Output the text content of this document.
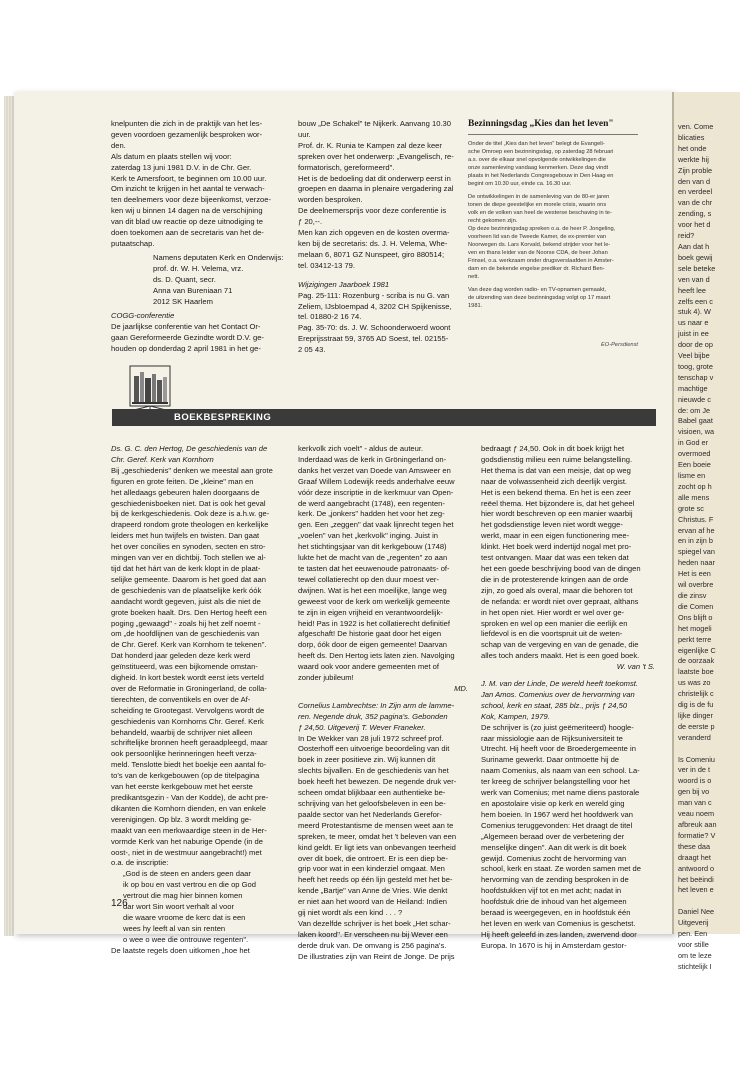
knelpunten die zich in de praktijk van het les-
geven voordoen gezamenlijk besproken wor-
den.
Als datum en plaats stellen wij voor:
zaterdag 13 juni 1981 D.V. in de Chr. Ger.
Kerk te Amersfoort, te beginnen om 10.00 uur.
Om inzicht te krijgen in het aantal te verwach-
ten deelnemers voor deze bijeenkomst, verzoe-
ken wij u binnen 14 dagen na de verschijning
van dit blad uw reactie op deze uitnodiging te
doen toekomen aan de secretaris van het de-
putaatschap.
Namens deputaten Kerk en Onderwijs:
prof. dr. W. H. Velema, vrz.
ds. D. Quant, secr.
Anna van Bureniaan 71
2012 SK Haarlem
COGG-conferentie
De jaarlijkse conferentie van het Contact Or-
gaan Gereformeerde Gezindte wordt D.V. ge-
houden op donderdag 2 april 1981 in het ge-
bouw „De Schakel" te Nijkerk. Aanvang 10.30
uur.
Prof. dr. K. Runia te Kampen zal deze keer
spreken over het onderwerp: „Evangelisch, re-
formatorisch, gereformeerd".
Het is de bedoeling dat dit onderwerp eerst in
groepen en daarna in plenaire vergadering zal
worden besproken.
De deelnemersprijs voor deze conferentie is
ƒ 20,--.
Men kan zich opgeven en de kosten overma-
ken bij de secretaris: ds. J. H. Velema, Whe-
melaan 6, 8071 GZ Nunspeet, giro 880514;
tel. 03412-13 79.
Wijzigingen Jaarboek 1981
Pag. 25-111: Rozenburg - scriba is nu G. van
Zeliem, IJsbIoempad 4, 3202 CH Spijkenisse,
tel. 01880-2 16 74.
Pag. 35-70: ds. J. W. Schoonderwoerd woont
Ereprijsstraat 59, 3765 AD Soest, tel. 02155-
2 05 43.
Bezinningsdag „Kies dan het leven"
Onder de titel „Kies dan het leven" belegt de Evangeli-
sche Omroep een bezinningsdag, op zaterdag 28 februari
a.s. over de elkaar snel opvolgende ontwikkelingen die
onze samenleving vandaag kenmerken. Deze dag vindt
plaats in het Nederlands Congresgebouw in Den Haag en
begint om 10.30 uur, einde ca. 16.30 uur.
De ontwikkelingen in de samenleving van de 80-er jaren
tonen de diepe geestelijke en morele crisis, waarin ons
volk en de volken van heel de westerse beschaving in te-
recht gekomen zijn.
Op deze bezinningsdag spreken o.a. de heer P. Jongeling,
voorheen lid van de Tweede Kamer, de ex-premier van
Noorwegen ds. Lars Korvald, bekend strijder voor het le-
ven en thans leider van de Noorse CDA, de heer Johan
Frinsel, o.a. werkzaam onder drugsverslaafden in Amster-
dam en de bekende engelse prediker dr. Richard Ben-
nett.
Van deze dag worden radio- en TV-opnamen gemaakt,
de uitzending van deze bezinningsdag volgt op 17 maart
1981.
EO-Persdienst
BOEKBESPREKING
Ds. G. C. den Hertog, De geschiedenis van de
Chr. Geref. Kerk van Kornhorn
Bij „geschiedenis" denken we meestal aan grote
figuren en grote feiten. De „kleine" man en
het alledaags gebeuren halen doorgaans de
geschiedenisboeken niet. Dat is ook het geval
bij de kerkgeschiedenis. Ook deze is a.h.w. ge-
drapeerd rondom grote theologen en kerkelijke
leiders met hun twijfels en twisten. Dan gaat
het over concilies en synoden, secten en stro-
mingen van ver en dichtbij. Toch stellen we al-
tijd dat het hárt van de kerk klopt in de plaat-
selijke gemeente. Daarom is het goed dat aan
de geschiedenis van de plaatselijke kerk óók
aandacht wordt gegeven, juist als die niet de
grote boeken haalt. Drs. Den Hertog heeft een
poging „gewaagd" - zoals hij het zelf noemt -
om „de hoofdlijnen van de geschiedenis van
de Chr. Geref. Kerk van Kornhorn te tekenen".
Dat honderd jaar geleden deze kerk werd
geïnstitueerd, was een bijkomende omstan-
digheid. In kort bestek wordt eerst iets verteld
over de Reformatie in Groningerland, de colla-
tierechten, de conventikels en over de Af-
scheiding te Grootegast. Vervolgens wordt de
geschiedenis van Kornhorns Chr. Geref. Kerk
behandeld, waarbij de schrijver niet alleen
schriftelijke bronnen heeft geraadpleegd, maar
ook persoonlijke herinneringen heeft verza-
meld. Tenslotte biedt het boekje een aantal fo-
to's van de kerkgebouwen (op de titelpagina
van het eerste kerkgebouw met het eerste
predikantsgezin - Van der Kodde), de acht pre-
dikanten die Kornhorn dienden, en van enkele
verenigingen. Op blz. 3 wordt melding ge-
maakt van een merkwaardige steen in de Her-
vormde Kerk van het naburige Opende (in de
oost-, niet in de westmuur aangebracht!) met
o.a. de inscriptie:
„God is de steen en anders geen daar
ik op bou en vast vertrou en die op God
vertrout die mag hier binnen komen
dar wort Sin woort verhalt al voor
die waare vroome de kerc dat is een
wees hy leeft al van sin renten
o wee o wee die ontrouwe regenten".
De laatste regels doen uitkomen „hoe het
kerkvolk zich voelt" - aldus de auteur.
Inderdaad was de kerk in Gröningerland on-
danks het verzet van Doede van Amsweer en
Graaf Willem Lodewijk reeds anderhalve eeuw
vóór deze inscriptie in de kerkmuur van Open-
de werd aangebracht (1748), een regenten-
kerk. De „jonkers" hadden het voor het zeg-
gen. Een „zeggen" dat vaak lijnrecht tegen het
„voelen" van het „kerkvolk" inging. Juist in
het stichtingsjaar van dit kerkgebouw (1748)
lukte het de macht van de „regenten" zo aan
te tasten dat het eeuwenoude patronaats- of-
tewel collatierecht op den duur moest ver-
dwijnen. Wat is het een moeilijke, lange weg
geweest voor de kerk om werkelijk gemeente
te zijn in eigen vrijheid en verantwoordelijk-
heid! Pas in 1922 is het collatierecht definitief
afgeschaft! De historie gaat door het eigen
dorp, óók door de eigen gemeente! Daarvan
heeft ds. Den Hertog iets laten zien. Navolging
waard ook voor andere gemeenten met of
zonder jubileum!
MD.
Cornelius Lambrechtse: In Zijn arm de lamme-
ren. Negende druk, 352 pagina's. Gebonden
ƒ 24,50. Uitgeverij T. Wever Franeker.
In De Wekker van 28 juli 1972 schreef prof.
Oosterhoff een uitvoerige beoordeling van dit
boek in zeer positieve zin. Wij kunnen dit
slechts bijvallen. En de geschiedenis van het
boek heeft het bewezen. De negende druk ver-
scheen omdat blijkbaar een authentieke be-
schrijving van het geloofsbeleven in een be-
paalde sector van het Nederlands Gerefor-
meerd Protestantisme de mensen weet aan te
spreken, te meer, omdat het 't beleven van een
kind geldt. Er ligt iets van onbevangen teerheid
over dit boek, die ontroert. Er is een diep be-
grip voor wat in een kinderziel omgaat. Men
heeft het reeds op één lijn gesteld met het be-
kende „Bartje" van Anne de Vries. Wie denkt
er niet aan het woord van de Heiland: Indien
gij niet wordt als een kind . . . ?
Van dezelfde schrijver is het boek „Het schar-
laken koord". Er verscheen nu bij Wever een
derde druk van. De omvang is 256 pagina's.
De illustraties zijn van Reint de Jonge. De prijs
bedraagt ƒ 24,50. Ook in dit boek krijgt het
godsdienstig milieu een ruime belangstelling.
Het thema is dat van een meisje, dat op weg
naar de volwassenheid zich deerlijk vergist.
Het is een bekend thema. En het is een zeer
reëel thema. Het bijzondere is, dat het geheel
hier wordt beschreven op een manier waarbij
het godsdienstige leven niet wordt wegge-
werkt, maar in een eigen functionering mee-
klinkt. Het boek werd indertijd nogal met pro-
test ontvangen. Maar dat was een teken dat
het een goede beschrijving bood van de dingen
die in de protesterende kringen aan de orde
zijn, zo goed als overal, maar die behoren tot
de nefanda: er wordt niet over gepraat, althans
in het open niet. Hier wordt er wel over ge-
sproken en wel op een manier die eerlijk en
liefdevol is en die voortspruit uit de weten-
schap van de vergeving en van de genade, die
alles toch anders maakt. Het is een goed boek.
W. van 't S.
J. M. van der Linde, De wereld heeft toekomst.
Jan Amos. Comenius over de hervorming van
school, kerk en staat, 285 blz., prijs ƒ 24,50
Kok, Kampen, 1979.
De schrijver is (zo juist geëmeriteerd) hoogle-
raar missiologie aan de Rijksuniversiteit te
Utrecht. Hij heeft voor de Broedergemeente in
Suriname gewerkt. Daar ontmoette hij de
naam Comenius, als naam van een school. La-
ter kreeg de schrijver belangstelling voor het
werk van Comenius; met name diens pastorale
en apostolaire visie op kerk en wereld ging
hem boeien. In 1967 werd het hoofdwerk van
Comenius teruggevonden: Het draagt de titel
„Algemeen beraad over de verbetering der
menselijke dingen". Aan dit werk is dit boek
gewijd. Comenius zocht de hervorming van
school, kerk en staat. Ze worden samen met de
hervorming van de zending besproken in de
hoofdstukken vijf tot en met acht; nadat in
hoofdstuk drie de inhoud van het algemeen
beraad is weergegeven, en in hoofdstuk één
het leven en werk van Comenius is geschetst.
Hij heeft geleefd in zes landen, zwervend door
Europa. In 1670 is hij in Amsterdam gestor-
126
ven. Come
blicaties
het onde
werkte hij
Zijn proble
den van d
en verdeel
van de chr
zending, s
voor het d
reid?
Aan dat h
boek gewij
sele beteke
ven van d
heeft lee
zelfs een c
stuk 4). W
us naar e
juist in ee
door de op
Veel bijbe
toog, grote
tenschap v
machtige
nieuwde c
de: om Je
Babel gaat
visioen, wa
in God er
overmoed
Een boeie
lisme en
zocht op h
alle mens
grote sc
Christus. F
ervan af he
en in zijn b
spiegel van
heden naar
Het is een
wil overbre
die zinsv
die Comen
Ons blijft o
het mogeli
perkt terre
eigenlijke C
de oorzaak
laatste boe
us was zo
christelijk c
dig is de fu
lijke dinger
de eerste p
veranderd

Is Comeniu
ver in de t
woord is o
gen bij vo
man van c
veau noem
afbreuk aan
formatie? V
these daa
draagt het
antwoord o
het beëindi
het leven e

Daniel Nee
Uitgeverij
pen. Een
voor stille
om te leze
stichtelijk I
